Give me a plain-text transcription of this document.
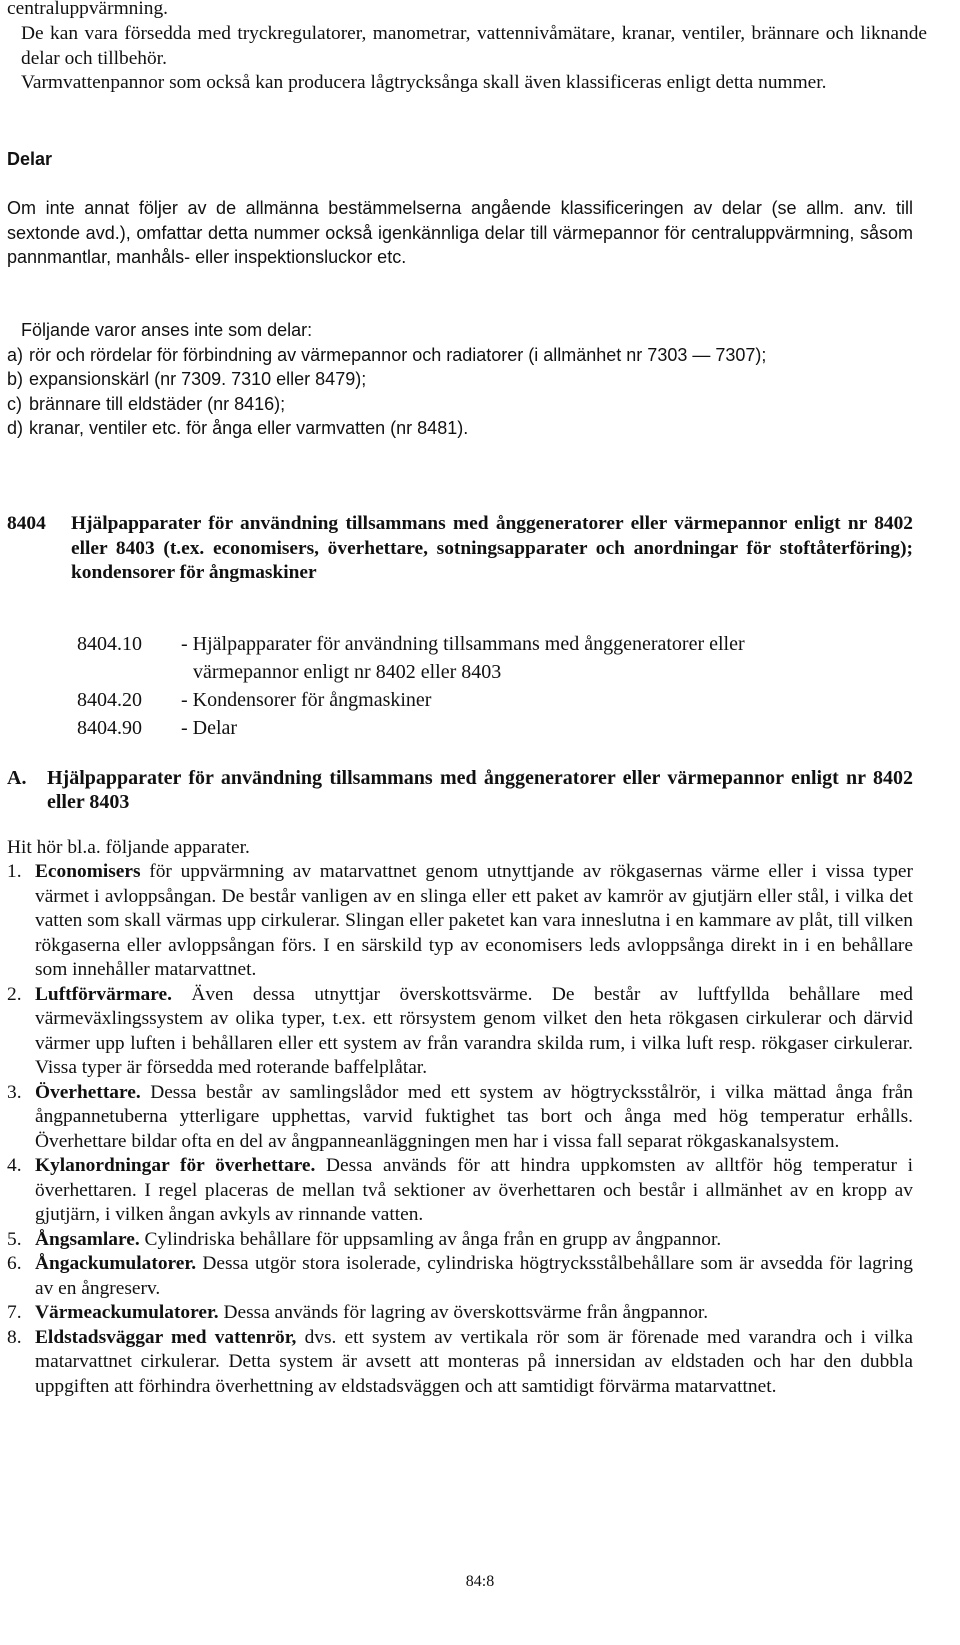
centraluppvärmning.

De kan vara försedda med tryckregulatorer, manometrar, vattennivåmätare, kranar, ventiler, brännare och liknande delar och tillbehör.

Varmvattenpannor som också kan producera lågtrycksånga skall även klassificeras enligt detta nummer.

Delar

Om inte annat följer av de allmänna bestämmelserna angående klassificeringen av delar (se allm. anv. till sextonde avd.), omfattar detta nummer också igenkännliga delar till värmepannor för centraluppvärmning, såsom pannmantlar, manhåls- eller inspektionsluckor etc.

Följande varor anses inte som delar:

a) rör och rördelar för förbindning av värmepannor och radiatorer (i allmänhet nr 7303 — 7307);
b) expansionskärl (nr 7309. 7310 eller 8479);
c) brännare till eldstäder (nr 8416);
d) kranar, ventiler etc. för ånga eller varmvatten (nr 8481).
8404	Hjälpapparater för användning tillsammans med ånggeneratorer eller värmepannor enligt nr 8402 eller 8403 (t.ex. economisers, överhettare, sotningsapparater och anordningar för stoftåterföring); kondensorer för ångmaskiner
8404.10	- Hjälpapparater för användning tillsammans med ånggeneratorer eller
värmepannor enligt nr 8402 eller 8403
8404.20	- Kondensorer för ångmaskiner
8404.90	- Delar
A.	Hjälpapparater för användning tillsammans med ånggeneratorer eller värmepannor enligt nr 8402 eller 8403

Hit hör bl.a. följande apparater.

1. Economisers för uppvärmning av matarvattnet genom utnyttjande av rökgasernas värme eller i vissa typer värmet i avloppsångan. De består vanligen av en slinga eller ett paket av kamrör av gjutjärn eller stål, i vilka det vatten som skall värmas upp cirkulerar. Slingan eller paketet kan vara inneslutna i en kammare av plåt, till vilken rökgaserna eller avloppsångan förs. I en särskild typ av economisers leds avloppsånga direkt in i en behållare som innehåller matarvattnet.
2. Luftförvärmare. Även dessa utnyttjar överskottsvärme. De består av luftfyllda behållare med värmeväxlingssystem av olika typer, t.ex. ett rörsystem genom vilket den heta rökgasen cirkulerar och därvid värmer upp luften i behållaren eller ett system av från varandra skilda rum, i vilka luft resp. rökgaser cirkulerar. Vissa typer är försedda med roterande baffelplåtar.
3. Överhettare. Dessa består av samlingslådor med ett system av högtrycksstålrör, i vilka mättad ånga från ångpannetuberna ytterligare upphettas, varvid fuktighet tas bort och ånga med hög temperatur erhålls. Överhettare bildar ofta en del av ångpanneanläggningen men har i vissa fall separat rökgaskanalsystem.
4. Kylanordningar för överhettare. Dessa används för att hindra uppkomsten av alltför hög temperatur i överhettaren. I regel placeras de mellan två sektioner av överhettaren och består i allmänhet av en kropp av gjutjärn, i vilken ångan avkyls av rinnande vatten.
5. Ångsamlare. Cylindriska behållare för uppsamling av ånga från en grupp av ångpannor.
6. Ångackumulatorer. Dessa utgör stora isolerade, cylindriska högtrycksstålbehållare som är avsedda för lagring av en ångreserv.
7. Värmeackumulatorer. Dessa används för lagring av överskottsvärme från ångpannor.
8. Eldstadsväggar med vattenrör, dvs. ett system av vertikala rör som är förenade med varandra och i vilka matarvattnet cirkulerar. Detta system är avsett att monteras på innersidan av eldstaden och har den dubbla uppgiften att förhindra överhettning av eldstadsväggen och att samtidigt förvärma matarvattnet.
84:8
